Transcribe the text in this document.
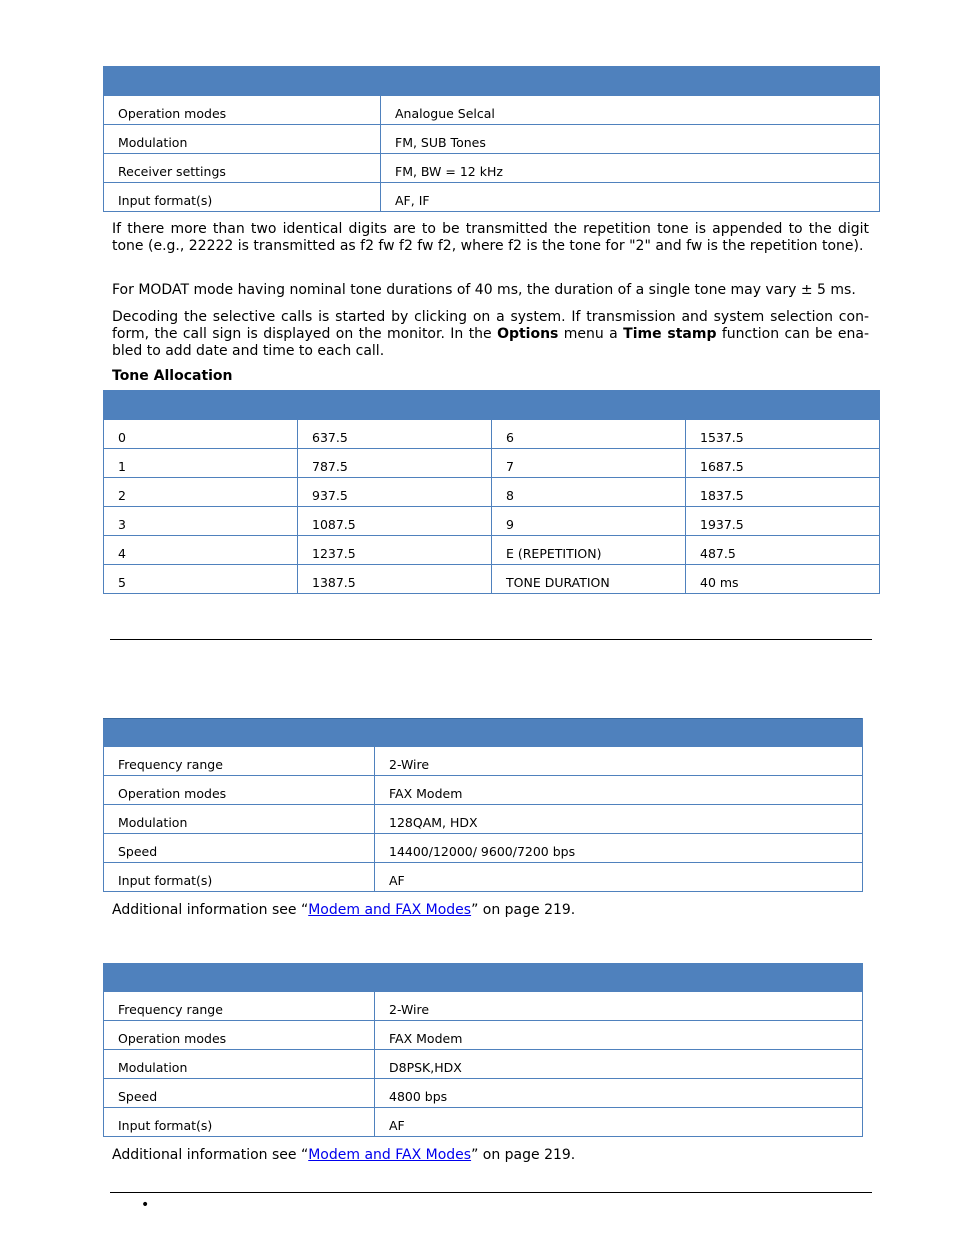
Operation modes	Analogue Selcal
Modulation	FM, SUB Tones
Receiver settings	FM, BW = 12 kHz
Input format(s)	AF, IF

If there more than two identical digits are to be transmitted the repetition tone is appended to the digit tone (e.g., 22222 is transmitted as f2 fw f2 fw f2, where f2 is the tone for "2" and fw is the repetition tone).

For MODAT mode having nominal tone durations of 40 ms, the duration of a single tone may vary ± 5 ms.

Decoding the selective calls is started by clicking on a system. If transmission and system selection con-form, the call sign is displayed on the monitor. In the Options menu a Time stamp function can be ena-bled to add date and time to each call.

Tone Allocation

0	637.5	6	1537.5
1	787.5	7	1687.5
2	937.5	8	1837.5
3	1087.5	9	1937.5
4	1237.5	E (REPETITION)	487.5
5	1387.5	TONE DURATION	40 ms

Frequency range	2-Wire
Operation modes	FAX Modem
Modulation	128QAM, HDX
Speed	14400/12000/ 9600/7200 bps
Input format(s)	AF

Additional information see “Modem and FAX Modes” on page 219.

Frequency range	2-Wire
Operation modes	FAX Modem
Modulation	D8PSK,HDX
Speed	4800 bps
Input format(s)	AF

Additional information see “Modem and FAX Modes” on page 219.

•
